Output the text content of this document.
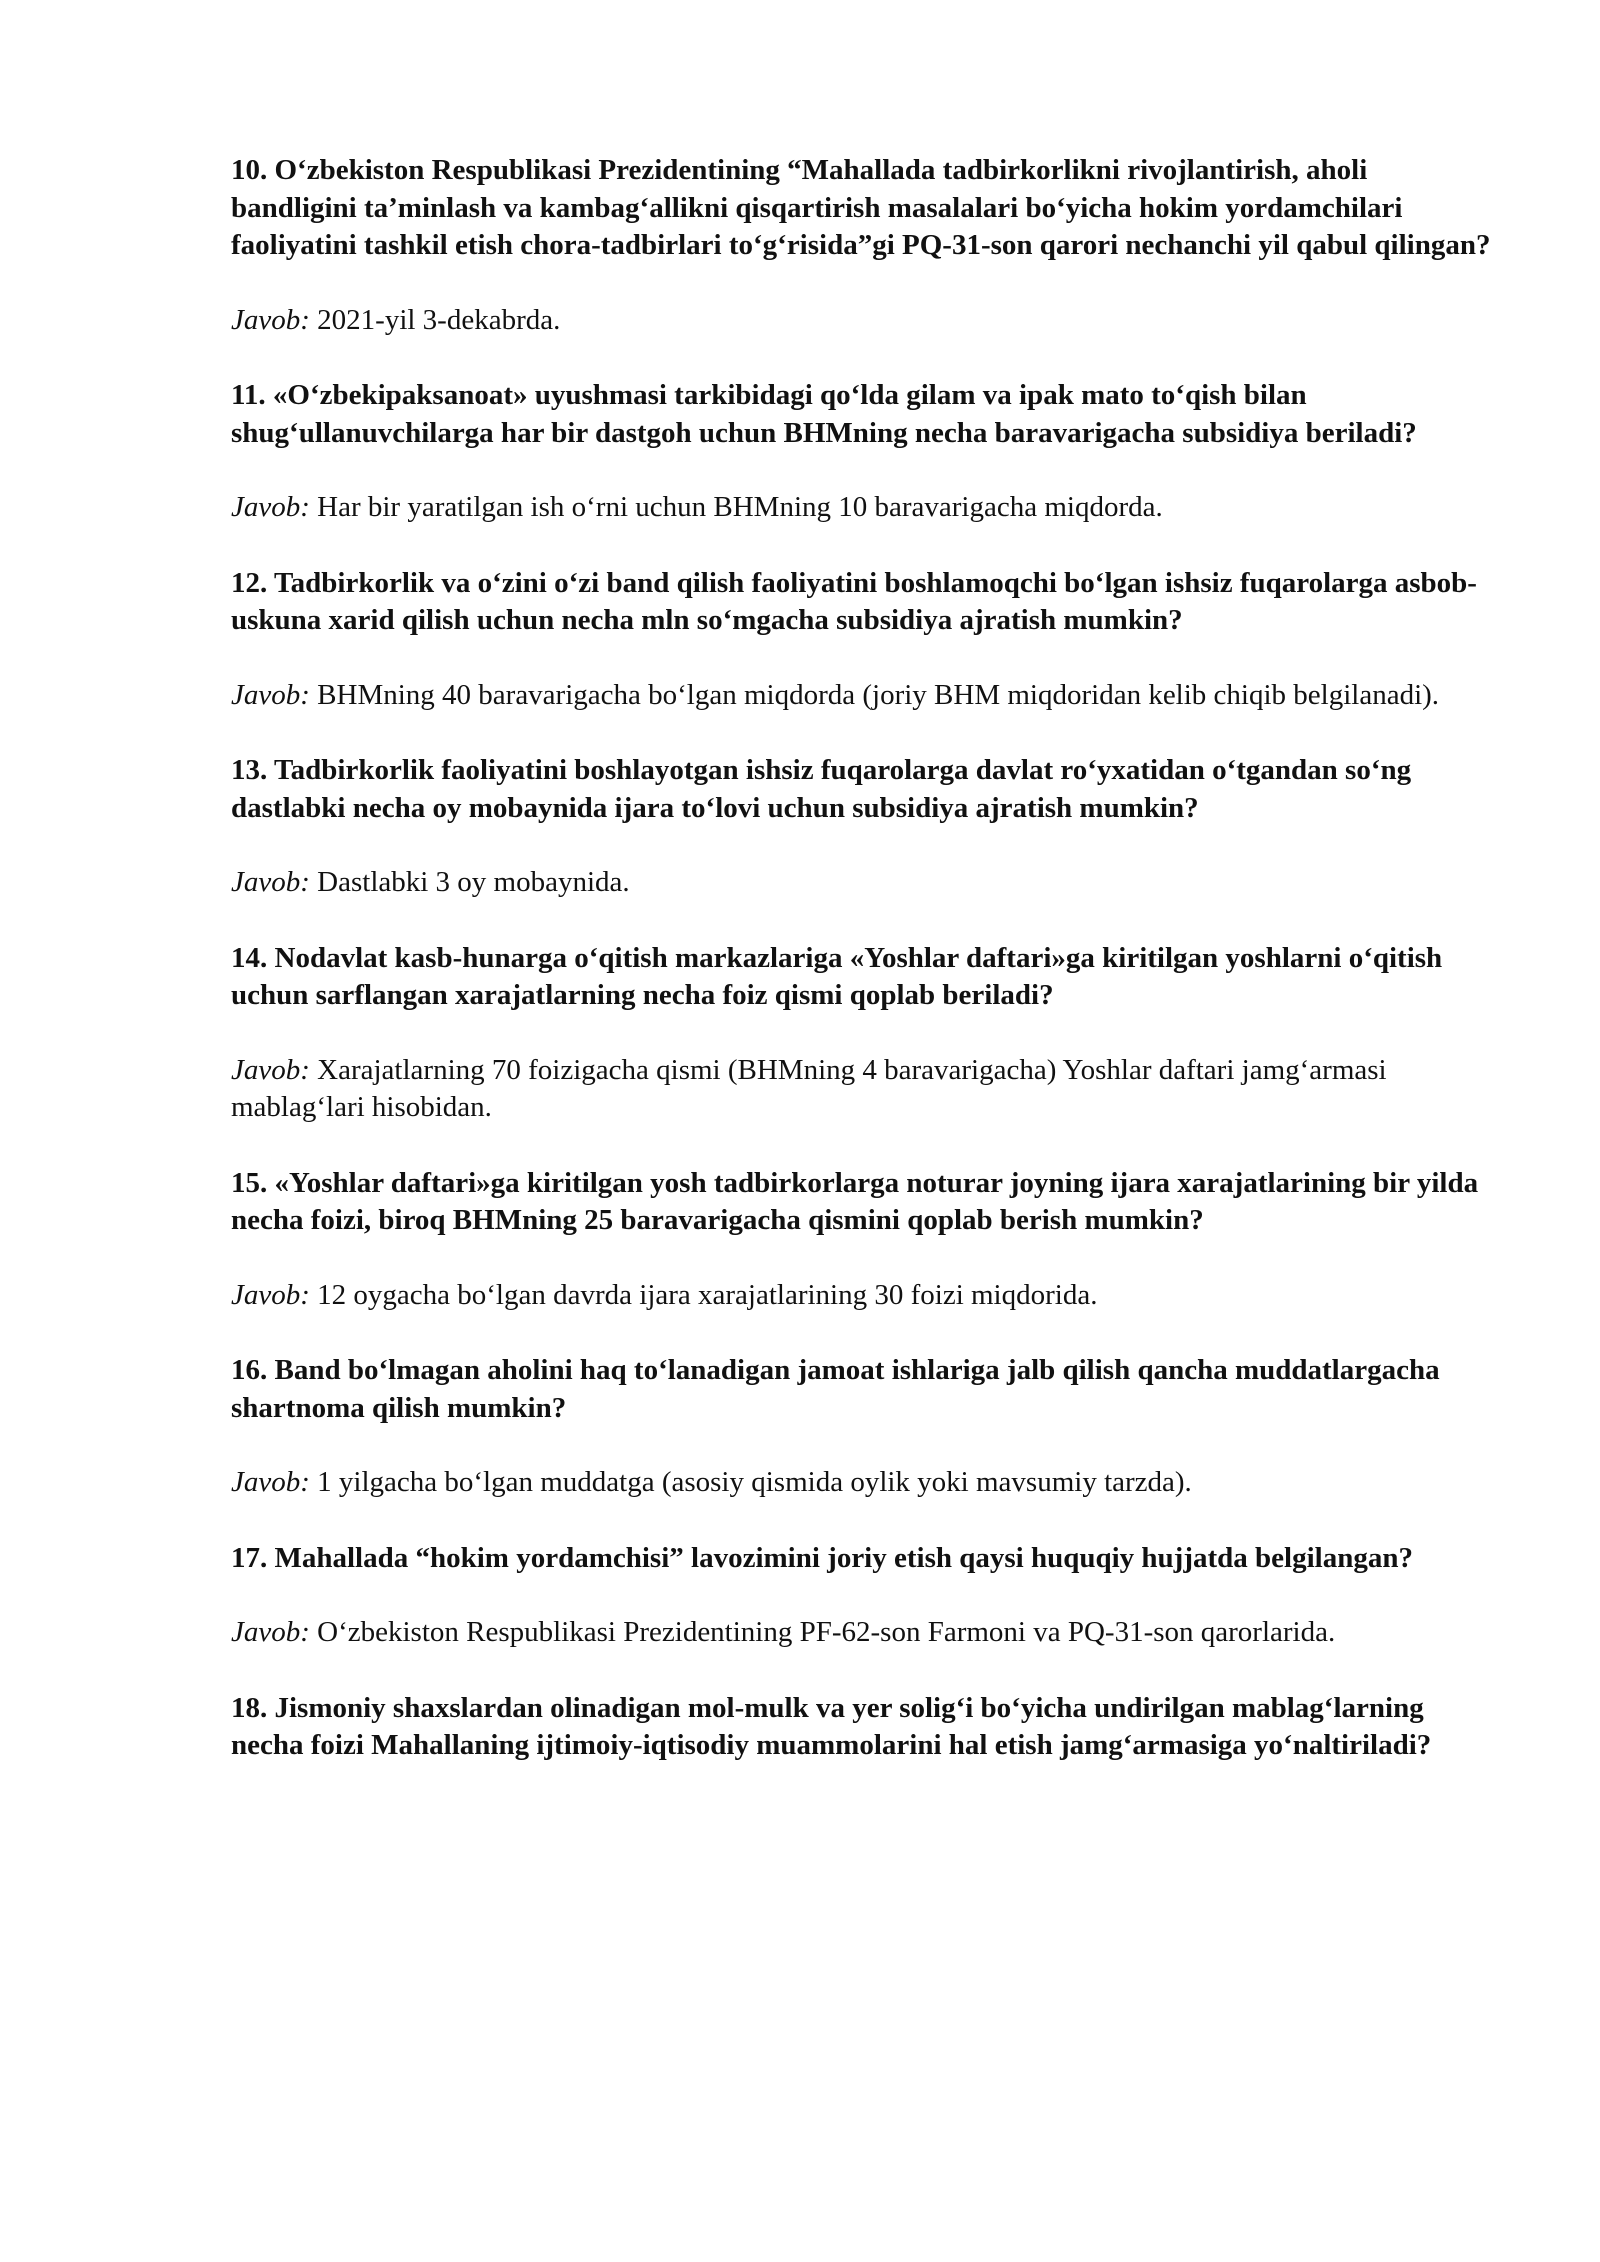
10. O‘zbekiston Respublikasi Prezidentining “Mahallada tadbirkorlikni rivojlantirish, aholi bandligini ta’minlash va kambag‘allikni qisqartirish masalalari bo‘yicha hokim yordamchilari faoliyatini tashkil etish chora-tadbirlari to‘g‘risida”gi PQ-31-son qarori nechanchi yil qabul qilingan?

Javob: 2021-yil 3-dekabrda.

11. «O‘zbekipaksanoat» uyushmasi tarkibidagi qo‘lda gilam va ipak mato to‘qish bilan shug‘ullanuvchilarga har bir dastgoh uchun BHMning necha baravarigacha subsidiya beriladi?

Javob: Har bir yaratilgan ish o‘rni uchun BHMning 10 baravarigacha miqdorda.

12. Tadbirkorlik va o‘zini o‘zi band qilish faoliyatini boshlamoqchi bo‘lgan ishsiz fuqarolarga asbob-uskuna xarid qilish uchun necha mln so‘mgacha subsidiya ajratish mumkin?

Javob: BHMning 40 baravarigacha bo‘lgan miqdorda (joriy BHM miqdoridan kelib chiqib belgilanadi).

13. Tadbirkorlik faoliyatini boshlayotgan ishsiz fuqarolarga davlat ro‘yxatidan o‘tgandan so‘ng dastlabki necha oy mobaynida ijara to‘lovi uchun subsidiya ajratish mumkin?

Javob: Dastlabki 3 oy mobaynida.

14. Nodavlat kasb-hunarga o‘qitish markazlariga «Yoshlar daftari»ga kiritilgan yoshlarni o‘qitish uchun sarflangan xarajatlarning necha foiz qismi qoplab beriladi?

Javob: Xarajatlarning 70 foizigacha qismi (BHMning 4 baravarigacha) Yoshlar daftari jamg‘armasi mablag‘lari hisobidan.

15. «Yoshlar daftari»ga kiritilgan yosh tadbirkorlarga noturar joyning ijara xarajatlarining bir yilda necha foizi, biroq BHMning 25 baravarigacha qismini qoplab berish mumkin?

Javob: 12 oygacha bo‘lgan davrda ijara xarajatlarining 30 foizi miqdorida.

16. Band bo‘lmagan aholini haq to‘lanadigan jamoat ishlariga jalb qilish qancha muddatlargacha shartnoma qilish mumkin?

Javob: 1 yilgacha bo‘lgan muddatga (asosiy qismida oylik yoki mavsumiy tarzda).

17. Mahallada “hokim yordamchisi” lavozimini joriy etish qaysi huquqiy hujjatda belgilangan?

Javob: O‘zbekiston Respublikasi Prezidentining PF-62-son Farmoni va PQ-31-son qarorlarida.

18. Jismoniy shaxslardan olinadigan mol-mulk va yer solig‘i bo‘yicha undirilgan mablag‘larning necha foizi Mahallaning ijtimoiy-iqtisodiy muammolarini hal etish jamg‘armasiga yo‘naltiriladi?
